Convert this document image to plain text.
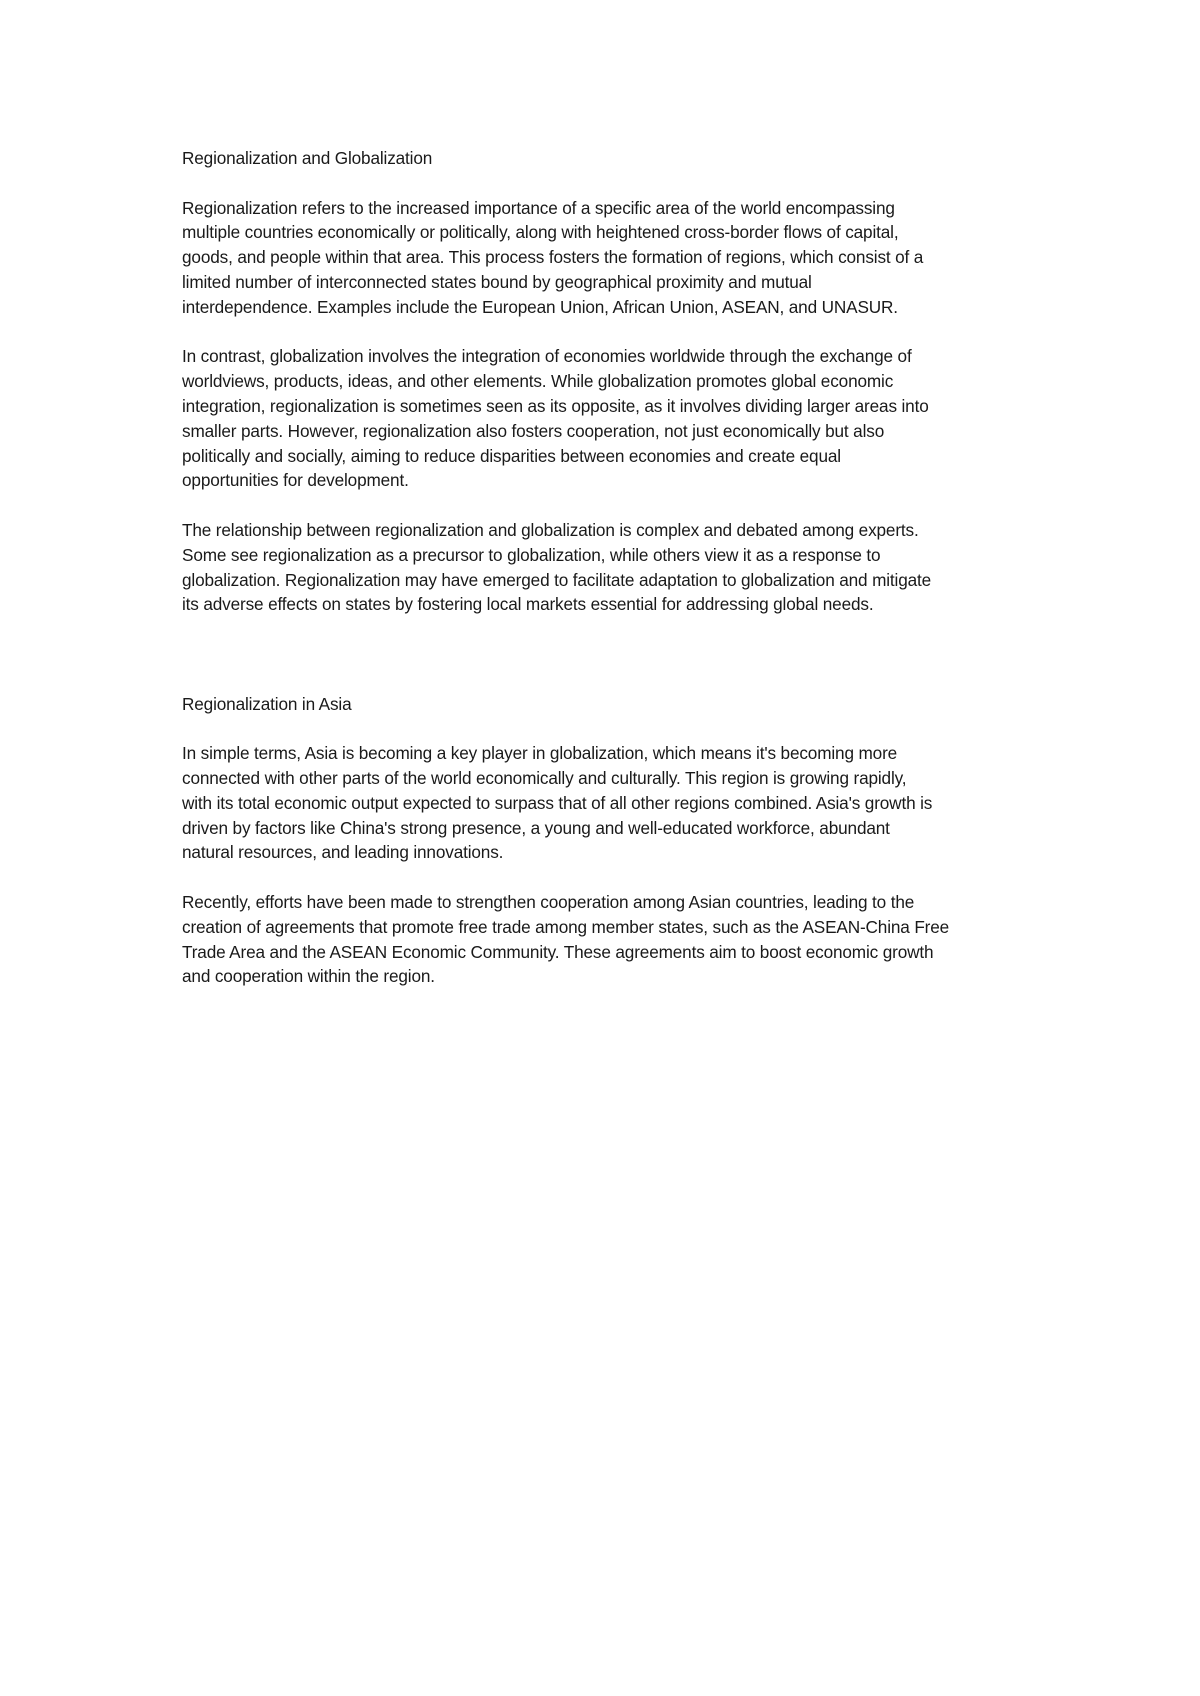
Regionalization and Globalization

Regionalization refers to the increased importance of a specific area of the world encompassing
multiple countries economically or politically, along with heightened cross-border flows of capital,
goods, and people within that area. This process fosters the formation of regions, which consist of a
limited number of interconnected states bound by geographical proximity and mutual
interdependence. Examples include the European Union, African Union, ASEAN, and UNASUR.

In contrast, globalization involves the integration of economies worldwide through the exchange of
worldviews, products, ideas, and other elements. While globalization promotes global economic
integration, regionalization is sometimes seen as its opposite, as it involves dividing larger areas into
smaller parts. However, regionalization also fosters cooperation, not just economically but also
politically and socially, aiming to reduce disparities between economies and create equal
opportunities for development.

The relationship between regionalization and globalization is complex and debated among experts.
Some see regionalization as a precursor to globalization, while others view it as a response to
globalization. Regionalization may have emerged to facilitate adaptation to globalization and mitigate
its adverse effects on states by fostering local markets essential for addressing global needs.

Regionalization in Asia

In simple terms, Asia is becoming a key player in globalization, which means it's becoming more
connected with other parts of the world economically and culturally. This region is growing rapidly,
with its total economic output expected to surpass that of all other regions combined. Asia's growth is
driven by factors like China's strong presence, a young and well-educated workforce, abundant
natural resources, and leading innovations.

Recently, efforts have been made to strengthen cooperation among Asian countries, leading to the
creation of agreements that promote free trade among member states, such as the ASEAN-China Free
Trade Area and the ASEAN Economic Community. These agreements aim to boost economic growth
and cooperation within the region.
